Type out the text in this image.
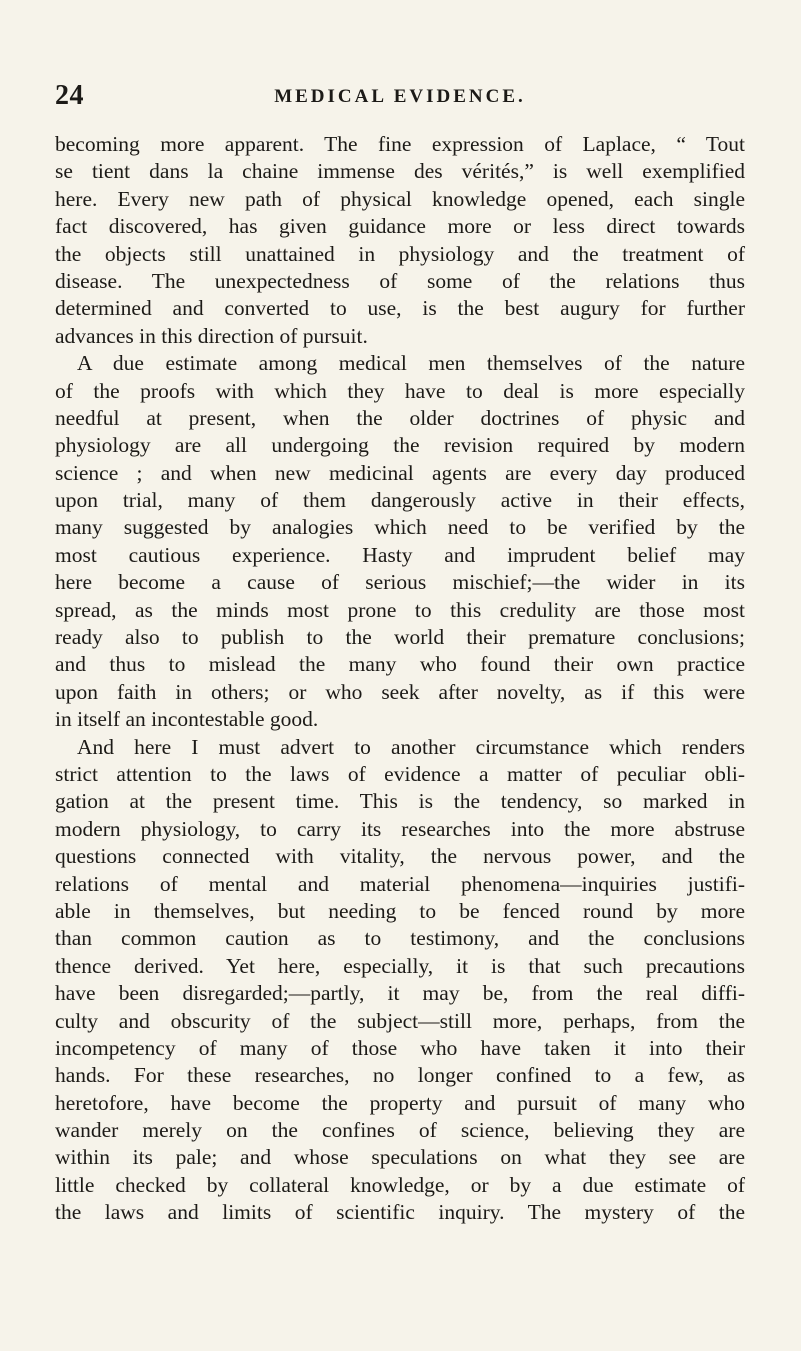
24	MEDICAL EVIDENCE.
becoming more apparent. The fine expression of Laplace, “ Tout
se tient dans la chaine immense des vérités,” is well exemplified
here. Every new path of physical knowledge opened, each single
fact discovered, has given guidance more or less direct towards
the objects still unattained in physiology and the treatment of
disease. The unexpectedness of some of the relations thus
determined and converted to use, is the best augury for further
advances in this direction of pursuit.
A due estimate among medical men themselves of the nature
of the proofs with which they have to deal is more especially
needful at present, when the older doctrines of physic and
physiology are all undergoing the revision required by modern
science ; and when new medicinal agents are every day produced
upon trial, many of them dangerously active in their effects,
many suggested by analogies which need to be verified by the
most cautious experience. Hasty and imprudent belief may
here become a cause of serious mischief;—the wider in its
spread, as the minds most prone to this credulity are those most
ready also to publish to the world their premature conclusions;
and thus to mislead the many who found their own practice
upon faith in others; or who seek after novelty, as if this were
in itself an incontestable good.
And here I must advert to another circumstance which renders
strict attention to the laws of evidence a matter of peculiar obli-
gation at the present time. This is the tendency, so marked in
modern physiology, to carry its researches into the more abstruse
questions connected with vitality, the nervous power, and the
relations of mental and material phenomena—inquiries justifi-
able in themselves, but needing to be fenced round by more
than common caution as to testimony, and the conclusions
thence derived. Yet here, especially, it is that such precautions
have been disregarded;—partly, it may be, from the real diffi-
culty and obscurity of the subject—still more, perhaps, from the
incompetency of many of those who have taken it into their
hands. For these researches, no longer confined to a few, as
heretofore, have become the property and pursuit of many who
wander merely on the confines of science, believing they are
within its pale; and whose speculations on what they see are
little checked by collateral knowledge, or by a due estimate of
the laws and limits of scientific inquiry. The mystery of the
